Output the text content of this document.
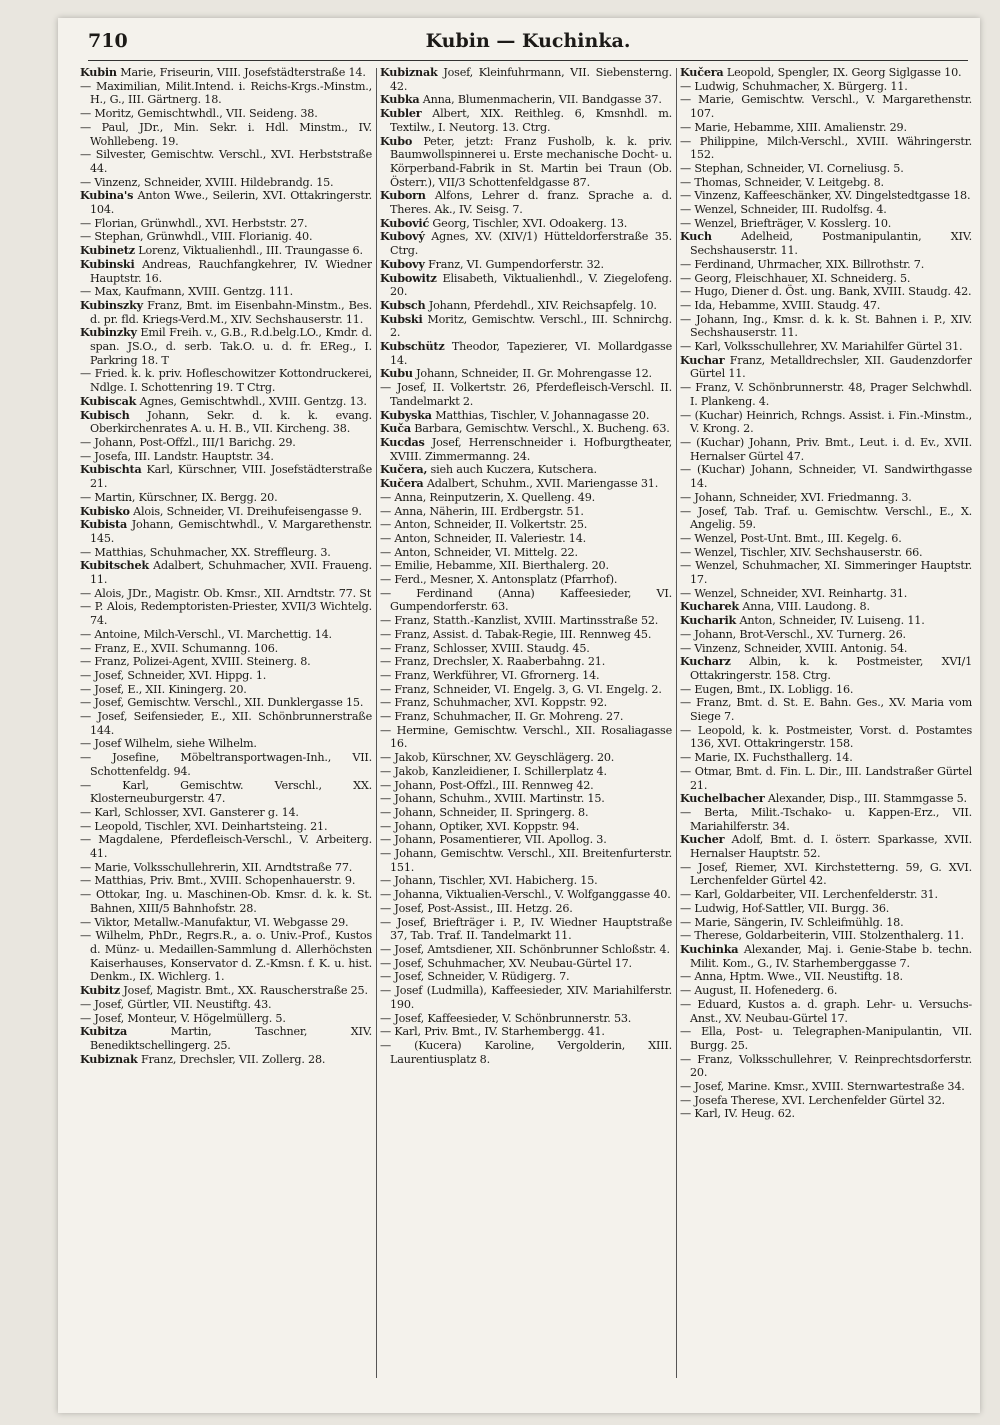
710	Kubin — Kuchinka.
Kubin Marie, Friseurin, VIII. Josefstädterstraße 14.
— Maximilian, Milit.Intend. i. Reichs-Krgs.-Minstm., H., G., III. Gärtnerg. 18.
— Moritz, Gemischtwhdl., VII. Seideng. 38.
— Paul, JDr., Min. Sekr. i. Hdl. Minstm., IV. Wohllebeng. 19.
— Silvester, Gemischtw. Verschl., XVI. Herbststraße 44.
— Vinzenz, Schneider, XVIII. Hildebrandg. 15.
Kubina's Anton Wwe., Seilerin, XVI. Ottakringerstr. 104.
— Florian, Grünwhdl., XVI. Herbststr. 27.
— Stephan, Grünwhdl., VIII. Florianig. 40.
Kubinetz Lorenz, Viktualienhdl., III. Traungasse 6.
Kubinski Andreas, Rauchfangkehrer, IV. Wiedner Hauptstr. 16.
— Max, Kaufmann, XVIII. Gentzg. 111.
Kubinszky Franz, Bmt. im Eisenbahn-Minstm., Bes. d. pr. fld. Kriegs-Verd.M., XIV. Sechshauserstr. 11.
Kubinzky Emil Freih. v., G.B., R.d.belg.LO., Kmdr. d. span. JS.O., d. serb. Tak.O. u. d. fr. EReg., I. Parkring 18. T
— Fried. k. k. priv. Hofleschowitzer Kottondruckerei, Ndlge. I. Schottenring 19. T Ctrg.
Kubiscak Agnes, Gemischtwhdl., XVIII. Gentzg. 13.
Kubisch Johann, Sekr. d. k. k. evang. Oberkirchenrates A. u. H. B., VII. Kircheng. 38.
— Johann, Post-Offzl., III/1 Barichg. 29.
— Josefa, III. Landstr. Hauptstr. 34.
Kubischta Karl, Kürschner, VIII. Josefstädterstraße 21.
— Martin, Kürschner, IX. Bergg. 20.
Kubisko Alois, Schneider, VI. Dreihufeisengasse 9.
Kubista Johann, Gemischtwhdl., V. Margarethenstr. 145.
— Matthias, Schuhmacher, XX. Streffleurg. 3.
Kubitschek Adalbert, Schuhmacher, XVII. Fraueng. 11.
— Alois, JDr., Magistr. Ob. Kmsr., XII. Arndtstr. 77. St
— P. Alois, Redemptoristen-Priester, XVII/3 Wichtelg. 74.
— Antoine, Milch-Verschl., VI. Marchettig. 14.
— Franz, E., XVII. Schumanng. 106.
— Franz, Polizei-Agent, XVIII. Steinerg. 8.
— Josef, Schneider, XVI. Hippg. 1.
— Josef, E., XII. Kiningerg. 20.
— Josef, Gemischtw. Verschl., XII. Dunklergasse 15.
— Josef, Seifensieder, E., XII. Schönbrunnerstraße 144.
— Josef Wilhelm, siehe Wilhelm.
— Josefine, Möbeltransportwagen-Inh., VII. Schottenfeldg. 94.
— Karl, Gemischtw. Verschl., XX. Klosterneuburgerstr. 47.
— Karl, Schlosser, XVI. Gansterer g. 14.
— Leopold, Tischler, XVI. Deinhartsteing. 21.
— Magdalene, Pferdefleisch-Verschl., V. Arbeiterg. 41.
— Marie, Volksschullehrerin, XII. Arndtstraße 77.
— Matthias, Priv. Bmt., XVIII. Schopenhauerstr. 9.
— Ottokar, Ing. u. Maschinen-Ob. Kmsr. d. k. k. St. Bahnen, XIII/5 Bahnhofstr. 28.
— Viktor, Metallw.-Manufaktur, VI. Webgasse 29.
— Wilhelm, PhDr., Regrs.R., a. o. Univ.-Prof., Kustos d. Münz- u. Medaillen-Sammlung d. Allerhöchsten Kaiserhauses, Konservator d. Z.-Kmsn. f. K. u. hist. Denkm., IX. Wichlerg. 1.
Kubitz Josef, Magistr. Bmt., XX. Rauscherstraße 25.
— Josef, Gürtler, VII. Neustiftg. 43.
— Josef, Monteur, V. Högelmüllerg. 5.
Kubitza	Martin, Taschner, XIV. Benediktschellingerg. 25.
Kubiznak Franz, Drechsler, VII. Zollerg. 28.
Kubiznak Josef, Kleinfuhrmann, VII. Siebensterng. 42.
Kubka Anna, Blumenmacherin, VII. Bandgasse 37.
Kubler Albert, XIX. Reithleg. 6, Kmsnhdl. m. Textilw., I. Neutorg. 13. Ctrg.
Kubo Peter, jetzt: Franz Fusholb, k. k. priv. Baumwollspinnerei u. Erste mechanische Docht- u. Körperband-Fabrik in St. Martin bei Traun (Ob. Österr.), VII/3 Schottenfeldgasse 87.
Kuborn Alfons, Lehrer d. franz. Sprache a. d. Theres. Ak., IV. Seisg. 7.
Kubović Georg, Tischler, XVI. Odoakerg. 13.
Kubový Agnes, XV. (XIV/1) Hütteldorferstraße 35. Ctrg.
Kubovy Franz, VI. Gumpendorferstr. 32.
Kubowitz Elisabeth, Viktualienhdl., V. Ziegelofeng. 20.
Kubsch Johann, Pferdehdl., XIV. Reichsapfelg. 10.
Kubski Moritz, Gemischtw. Verschl., III. Schnirchg. 2.
Kubschütz Theodor, Tapezierer, VI. Mollardgasse 14.
Kubu Johann, Schneider, II. Gr. Mohrengasse 12.
— Josef, II. Volkertstr. 26, Pferdefleisch-Verschl. II. Tandelmarkt 2.
Kubyska Matthias, Tischler, V. Johannagasse 20.
Kuča Barbara, Gemischtw. Verschl., X. Bucheng. 63.
Kucdas Josef, Herrenschneider i. Hofburgtheater, XVIII. Zimmermanng. 24.
Kučera, sieh auch Kuczera, Kutschera.
Kučera Adalbert, Schuhm., XVII. Mariengasse 31.
— Anna, Reinputzerin, X. Quelleng. 49.
— Anna, Näherin, III. Erdbergstr. 51.
— Anton, Schneider, II. Volkertstr. 25.
— Anton, Schneider, II. Valeriestr. 14.
— Anton, Schneider, VI. Mittelg. 22.
— Emilie, Hebamme, XII. Bierthalerg. 20.
— Ferd., Mesner, X. Antonsplatz (Pfarrhof).
— Ferdinand (Anna) Kaffeesieder, VI. Gumpendorferstr. 63.
— Franz, Statth.-Kanzlist, XVIII. Martinsstraße 52.
— Franz, Assist. d. Tabak-Regie, III. Rennweg 45.
— Franz, Schlosser, XVIII. Staudg. 45.
— Franz, Drechsler, X. Raaberbahng. 21.
— Franz, Werkführer, VI. Gfrornerg. 14.
— Franz, Schneider, VI. Engelg. 3, G. VI. Engelg. 2.
— Franz, Schuhmacher, XVI. Koppstr. 92.
— Franz, Schuhmacher, II. Gr. Mohreng. 27.
— Hermine, Gemischtw. Verschl., XII. Rosaliagasse 16.
— Jakob, Kürschner, XV. Geyschlägerg. 20.
— Jakob, Kanzleidiener, I. Schillerplatz 4.
— Johann, Post-Offzl., III. Rennweg 42.
— Johann, Schuhm., XVIII. Martinstr. 15.
— Johann, Schneider, II. Springerg. 8.
— Johann, Optiker, XVI. Koppstr. 94.
— Johann, Posamentierer, VII. Apollog. 3.
— Johann, Gemischtw. Verschl., XII. Breitenfurterstr. 151.
— Johann, Tischler, XVI. Habicherg. 15.
— Johanna, Viktualien-Verschl., V. Wolfganggasse 40.
— Josef, Post-Assist., III. Hetzg. 26.
— Josef, Briefträger i. P., IV. Wiedner Hauptstraße 37, Tab. Traf. II. Tandelmarkt 11.
— Josef, Amtsdiener, XII. Schönbrunner Schloßstr. 4.
— Josef, Schuhmacher, XV. Neubau-Gürtel 17.
— Josef, Schneider, V. Rüdigerg. 7.
— Josef (Ludmilla), Kaffeesieder, XIV. Mariahilferstr. 190.
— Josef, Kaffeesieder, V. Schönbrunnerstr. 53.
— Karl, Priv. Bmt., IV. Starhembergg. 41.
— (Kucera) Karoline, Vergolderin, XIII. Laurentiusplatz 8.
Kučera Leopold, Spengler, IX. Georg Siglgasse 10.
— Ludwig, Schuhmacher, X. Bürgerg. 11.
— Marie, Gemischtw. Verschl., V. Margarethenstr. 107.
— Marie, Hebamme, XIII. Amalienstr. 29.
— Philippine, Milch-Verschl., XVIII. Währingerstr. 152.
— Stephan, Schneider, VI. Corneliusg. 5.
— Thomas, Schneider, V. Leitgebg. 8.
— Vinzenz, Kaffeeschänker, XV. Dingelstedtgasse 18.
— Wenzel, Schneider, III. Rudolfsg. 4.
— Wenzel, Briefträger, V. Kosslerg. 10.
Kuch	Adelheid, Postmanipulantin, XIV. Sechshauserstr. 11.
— Ferdinand, Uhrmacher, XIX. Billrothstr. 7.
— Georg, Fleischhauer, XI. Schneiderg. 5.
— Hugo, Diener d. Öst. ung. Bank, XVIII. Staudg. 42.
— Ida, Hebamme, XVIII. Staudg. 47.
— Johann, Ing., Kmsr. d. k. k. St. Bahnen i. P., XIV. Sechshauserstr. 11.
— Karl, Volksschullehrer, XV. Mariahilfer Gürtel 31.
Kuchar Franz, Metalldrechsler, XII. Gaudenzdorfer Gürtel 11.
— Franz, V. Schönbrunnerstr. 48, Prager Selchwhdl. I. Plankeng. 4.
— (Kuchar) Heinrich, Rchngs. Assist. i. Fin.-Minstm., V. Krong. 2.
— (Kuchar) Johann, Priv. Bmt., Leut. i. d. Ev., XVII. Hernalser Gürtel 47.
— (Kuchar) Johann, Schneider, VI. Sandwirthgasse 14.
— Johann, Schneider, XVI. Friedmanng. 3.
— Josef, Tab. Traf. u. Gemischtw. Verschl., E., X. Angelig. 59.
— Wenzel, Post-Unt. Bmt., III. Kegelg. 6.
— Wenzel, Tischler, XIV. Sechshauserstr. 66.
— Wenzel, Schuhmacher, XI. Simmeringer Hauptstr. 17.
— Wenzel, Schneider, XVI. Reinhartg. 31.
Kucharek Anna, VIII. Laudong. 8.
Kucharik Anton, Schneider, IV. Luiseng. 11.
— Johann, Brot-Verschl., XV. Turnerg. 26.
— Vinzenz, Schneider, XVIII. Antonig. 54.
Kucharz Albin, k. k. Postmeister, XVI/1 Ottakringerstr. 158. Ctrg.
— Eugen, Bmt., IX. Lobligg. 16.
— Franz, Bmt. d. St. E. Bahn. Ges., XV. Maria vom Siege 7.
— Leopold, k. k. Postmeister, Vorst. d. Postamtes 136, XVI. Ottakringerstr. 158.
— Marie, IX. Fuchsthallerg. 14.
— Otmar, Bmt. d. Fin. L. Dir., III. Landstraßer Gürtel 21.
Kuchelbacher Alexander, Disp., III. Stammgasse 5.
— Berta, Milit.-Tschako- u. Kappen-Erz., VII. Mariahilferstr. 34.
Kucher Adolf, Bmt. d. I. österr. Sparkasse, XVII. Hernalser Hauptstr. 52.
— Josef, Riemer, XVI. Kirchstetterng. 59, G. XVI. Lerchenfelder Gürtel 42.
— Karl, Goldarbeiter, VII. Lerchenfelderstr. 31.
— Ludwig, Hof-Sattler, VII. Burgg. 36.
— Marie, Sängerin, IV. Schleifmühlg. 18.
— Therese, Goldarbeiterin, VIII. Stolzenthalerg. 11.
Kuchinka Alexander, Maj. i. Genie-Stabe b. techn. Milit. Kom., G., IV. Starhemberggasse 7.
— Anna, Hptm. Wwe., VII. Neustiftg. 18.
— August, II. Hofenederg. 6.
— Eduard, Kustos a. d. graph. Lehr- u. Versuchs-Anst., XV. Neubau-Gürtel 17.
— Ella, Post- u. Telegraphen-Manipulantin, VII. Burgg. 25.
— Franz, Volksschullehrer, V. Reinprechtsdorferstr. 20.
— Josef, Marine. Kmsr., XVIII. Sternwartestraße 34.
— Josefa Therese, XVI. Lerchenfelder Gürtel 32.
— Karl, IV. Heug. 62.
